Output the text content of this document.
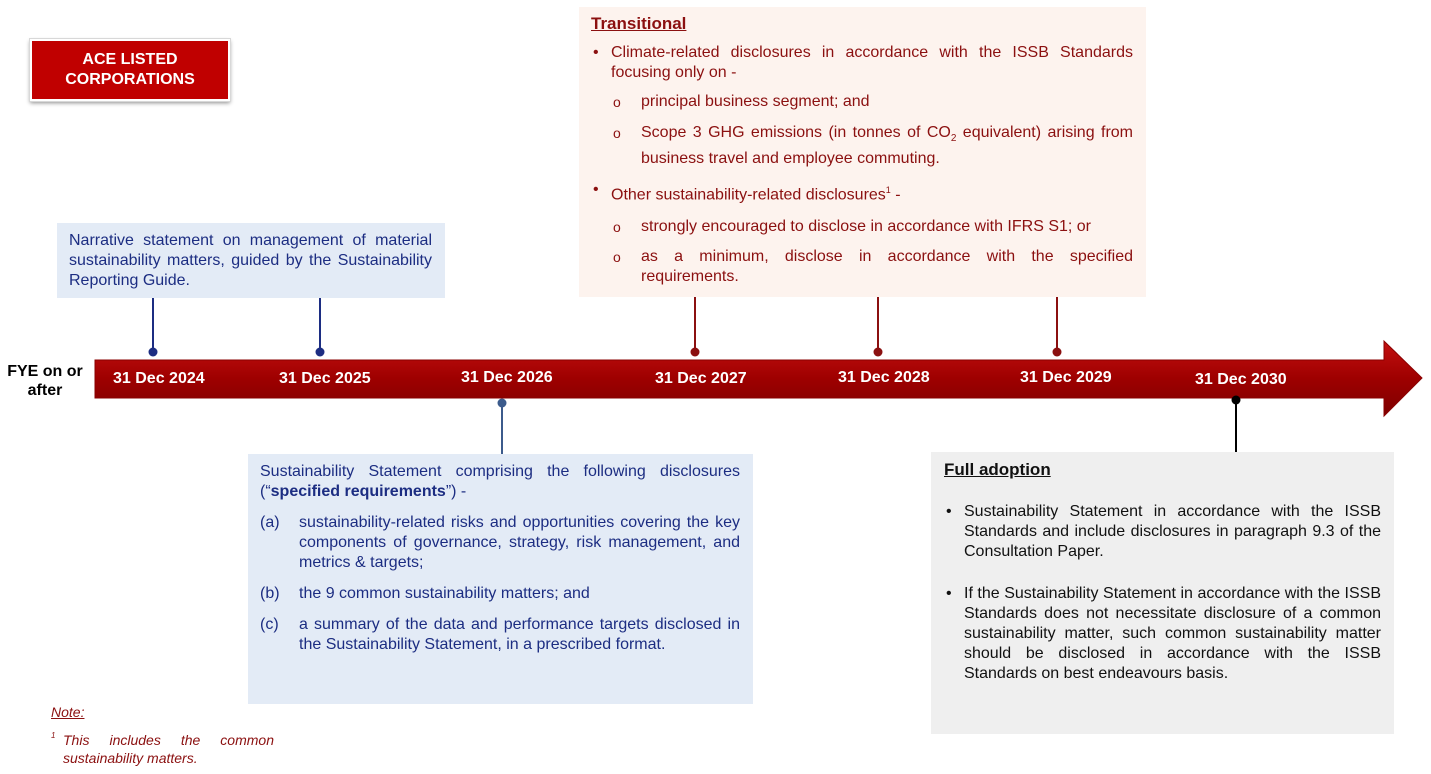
ACE LISTED
CORPORATIONS
Narrative statement on management of material sustainability matters, guided by the Sustainability Reporting Guide.
Transitional
• Climate-related disclosures in accordance with the ISSB Standards focusing only on -
o principal business segment; and
o Scope 3 GHG emissions (in tonnes of $CO_2$ equivalent) arising from business travel and employee commuting.
• Other sustainability-related disclosures$^1$ -
o strongly encouraged to disclose in accordance with IFRS S1; or
o as a minimum, disclose in accordance with the specified requirements.
FYE on or
after
31 Dec 2024	31 Dec 2025	31 Dec 2026	31 Dec 2027	31 Dec 2028	31 Dec 2029	31 Dec 2030
Sustainability Statement comprising the following disclosures (“specified requirements”) -
(a)	sustainability-related risks and opportunities covering the key components of governance, strategy, risk management, and metrics & targets;
(b)	the 9 common sustainability matters; and
(c)	a summary of the data and performance targets disclosed in the Sustainability Statement, in a prescribed format.
Full adoption
• Sustainability Statement in accordance with the ISSB Standards and include disclosures in paragraph 9.3 of the Consultation Paper.
• If the Sustainability Statement in accordance with the ISSB Standards does not necessitate disclosure of a common sustainability matter, such common sustainability matter should be disclosed in accordance with the ISSB Standards on best endeavours basis.
Note:
1 This includes the common sustainability matters.
